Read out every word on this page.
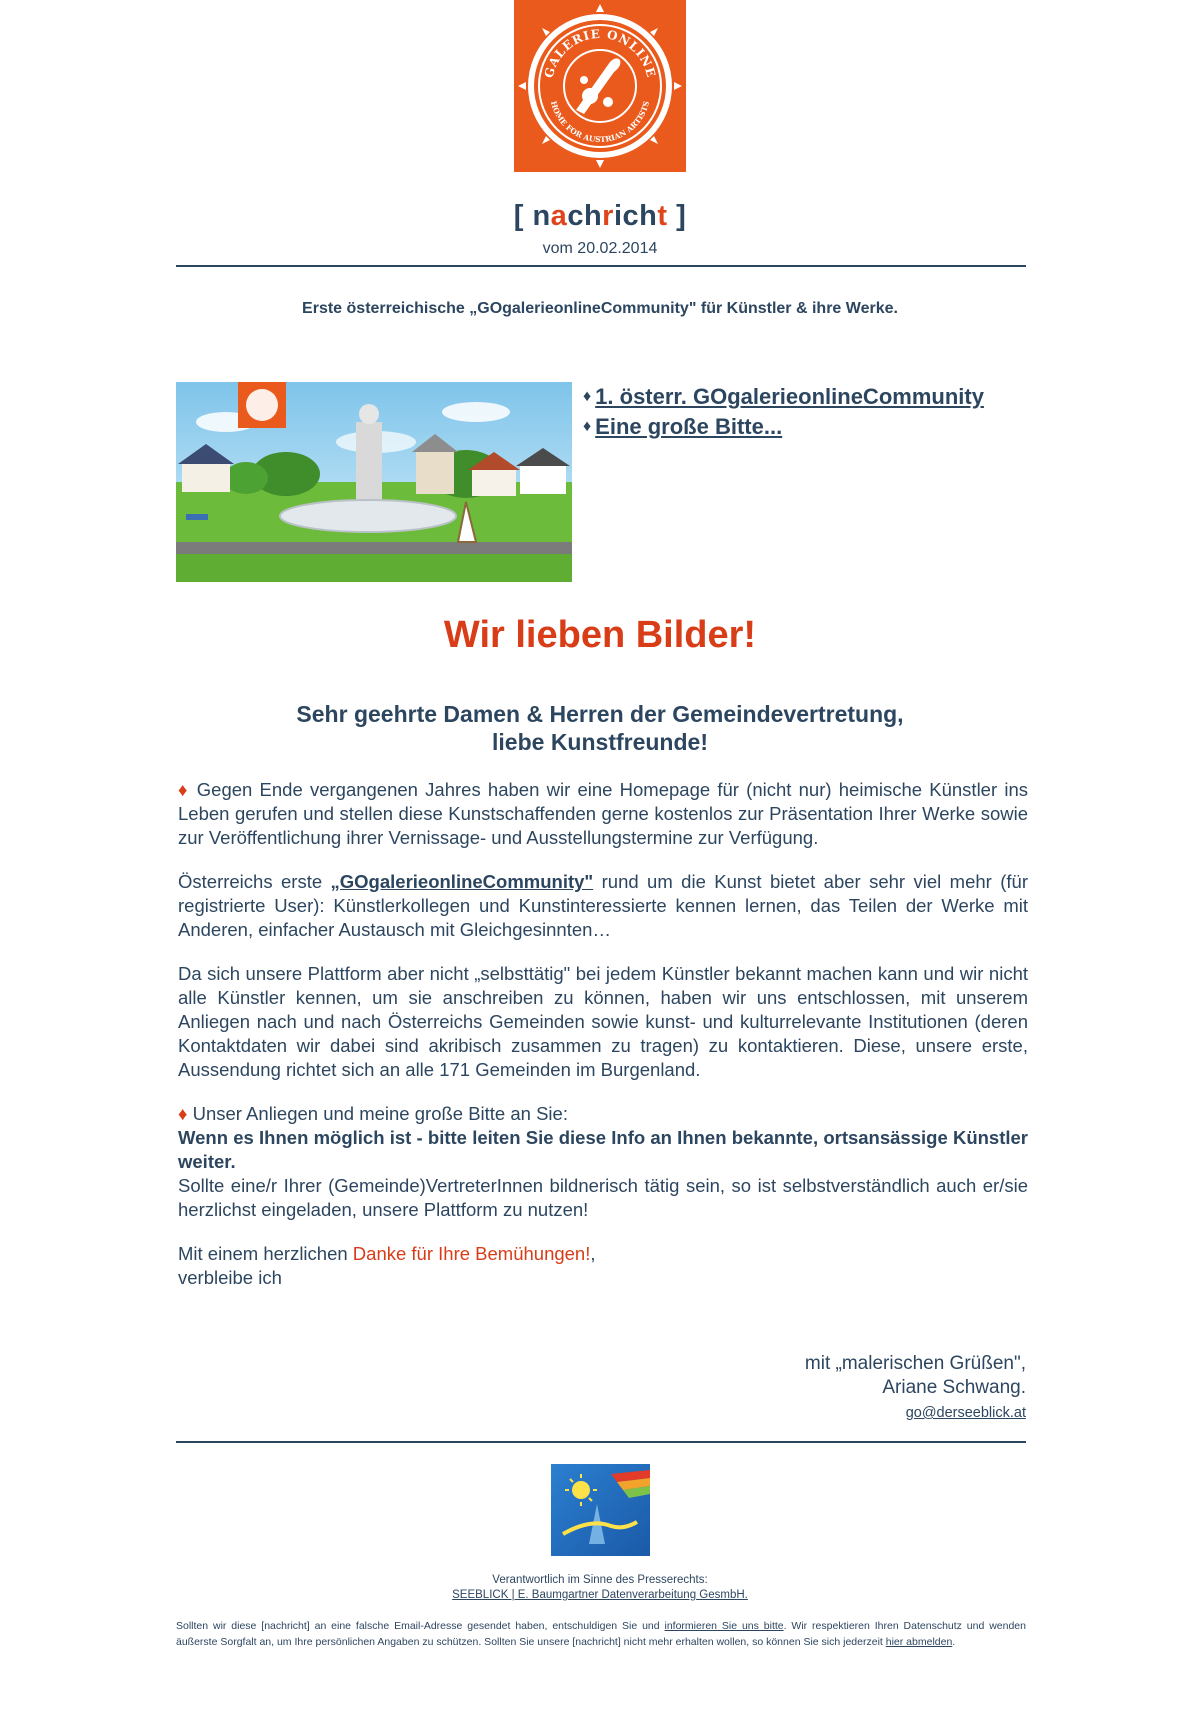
GALERIE ONLINE
HOME FOR AUSTRIAN ARTISTS
[ nachricht ]
vom 20.02.2014
Erste österreichische „GOgalerieonlineCommunity" für Künstler & ihre Werke.
♦ 1. österr. GOgalerieonlineCommunity
♦ Eine große Bitte...
Wir lieben Bilder!
Sehr geehrte Damen & Herren der Gemeindevertretung,
liebe Kunstfreunde!

♦ Gegen Ende vergangenen Jahres haben wir eine Homepage für (nicht nur) heimische Künstler ins Leben gerufen und stellen diese Kunstschaffenden gerne kostenlos zur Präsentation Ihrer Werke sowie zur Veröffentlichung ihrer Vernissage- und Ausstellungstermine zur Verfügung.

Österreichs erste „GOgalerieonlineCommunity" rund um die Kunst bietet aber sehr viel mehr (für registrierte User): Künstlerkollegen und Kunstinteressierte kennen lernen, das Teilen der Werke mit Anderen, einfacher Austausch mit Gleichgesinnten…

Da sich unsere Plattform aber nicht „selbsttätig" bei jedem Künstler bekannt machen kann und wir nicht alle Künstler kennen, um sie anschreiben zu können, haben wir uns entschlossen, mit unserem Anliegen nach und nach Österreichs Gemeinden sowie kunst- und kulturrelevante Institutionen (deren Kontaktdaten wir dabei sind akribisch zusammen zu tragen) zu kontaktieren. Diese, unsere erste, Aussendung richtet sich an alle 171 Gemeinden im Burgenland.

♦ Unser Anliegen und meine große Bitte an Sie:
Wenn es Ihnen möglich ist - bitte leiten Sie diese Info an Ihnen bekannte, ortsansässige Künstler weiter.
Sollte eine/r Ihrer (Gemeinde)VertreterInnen bildnerisch tätig sein, so ist selbstverständlich auch er/sie herzlichst eingeladen, unsere Plattform zu nutzen!

Mit einem herzlichen Danke für Ihre Bemühungen!,
verbleibe ich

mit „malerischen Grüßen",
Ariane Schwang.
go@derseeblick.at
Verantwortlich im Sinne des Presserechts:
SEEBLICK | E. Baumgartner Datenverarbeitung GesmbH.
Sollten wir diese [nachricht] an eine falsche Email-Adresse gesendet haben, entschuldigen Sie und informieren Sie uns bitte. Wir respektieren Ihren Datenschutz und wenden äußerste Sorgfalt an, um Ihre persönlichen Angaben zu schützen. Sollten Sie unsere [nachricht] nicht mehr erhalten wollen, so können Sie sich jederzeit hier abmelden.
